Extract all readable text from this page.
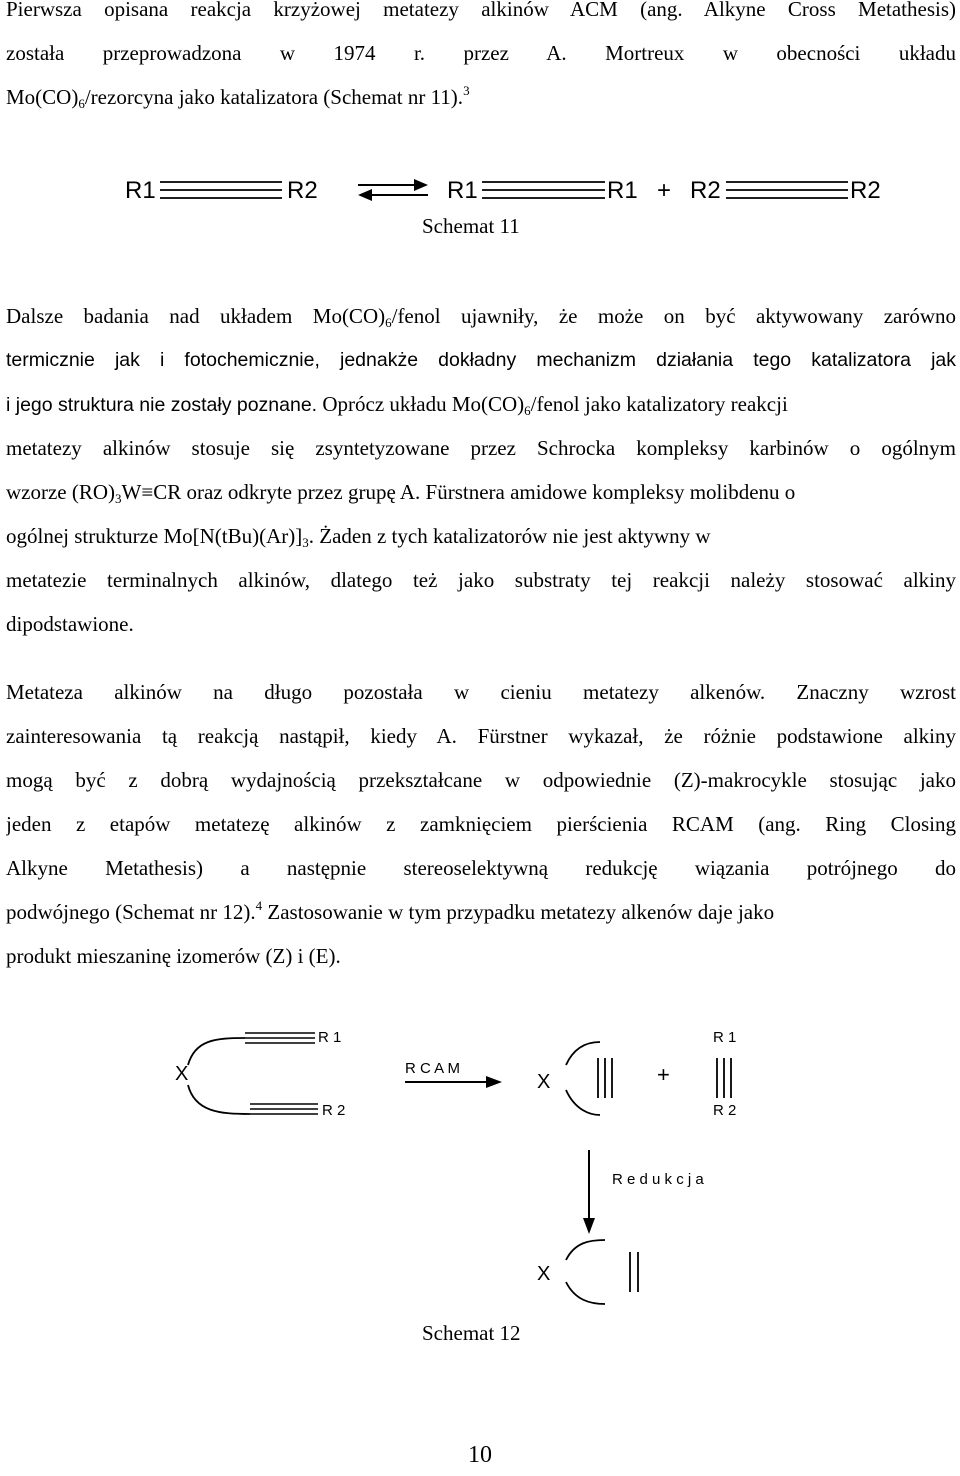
Pierwsza opisana reakcja krzyżowej metatezy alkinów ACM (ang. Alkyne Cross Metathesis)
została przeprowadzona w 1974 r. przez A. Mortreux w obecności układu
$Mo(CO)_6$/rezorcyna jako katalizatora (Schemat nr 11).$^3$
R1	R2	R1	R1 + R2	R2
Schemat 11
Dalsze badania nad układem $Mo(CO)_6$/fenol ujawniły, że może on być aktywowany zarówno
termicznie jak i fotochemicznie, jednakże dokładny mechanizm działania tego katalizatora jak
i jego struktura nie zostały poznane. Oprócz układu $Mo(CO)_6$/fenol jako katalizatory reakcji
metatezy alkinów stosuje się zsyntetyzowane przez Schrocka kompleksy karbinów o ogólnym
wzorze $(RO)_3W\equiv CR$ oraz odkryte przez grupę A. Fürstnera amidowe kompleksy molibdenu o
ogólnej strukturze $Mo[N(tBu)(Ar)]_3$. Żaden z tych katalizatorów nie jest aktywny w
metatezie terminalnych alkinów, dlatego też jako substraty tej reakcji należy stosować alkiny
dipodstawione.
Metateza alkinów na długo pozostała w cieniu metatezy alkenów. Znaczny wzrost
zainteresowania tą reakcją nastąpił, kiedy A. Fürstner wykazał, że różnie podstawione alkiny
mogą być z dobrą wydajnością przekształcane w odpowiednie (Z)-makrocykle stosując jako
jeden z etapów metatezę alkinów z zamknięciem pierścienia RCAM (ang. Ring Closing
Alkyne Metathesis) a następnie stereoselektywną redukcję wiązania potrójnego do
podwójnego (Schemat nr 12).$^4$ Zastosowanie w tym przypadku metatezy alkenów daje jako
produkt mieszaninę izomerów (Z) i (E).
X
R 1
R 2
R C A M
X	+
R 1
R 2
R e d u k c j a
X
Schemat 12
10
